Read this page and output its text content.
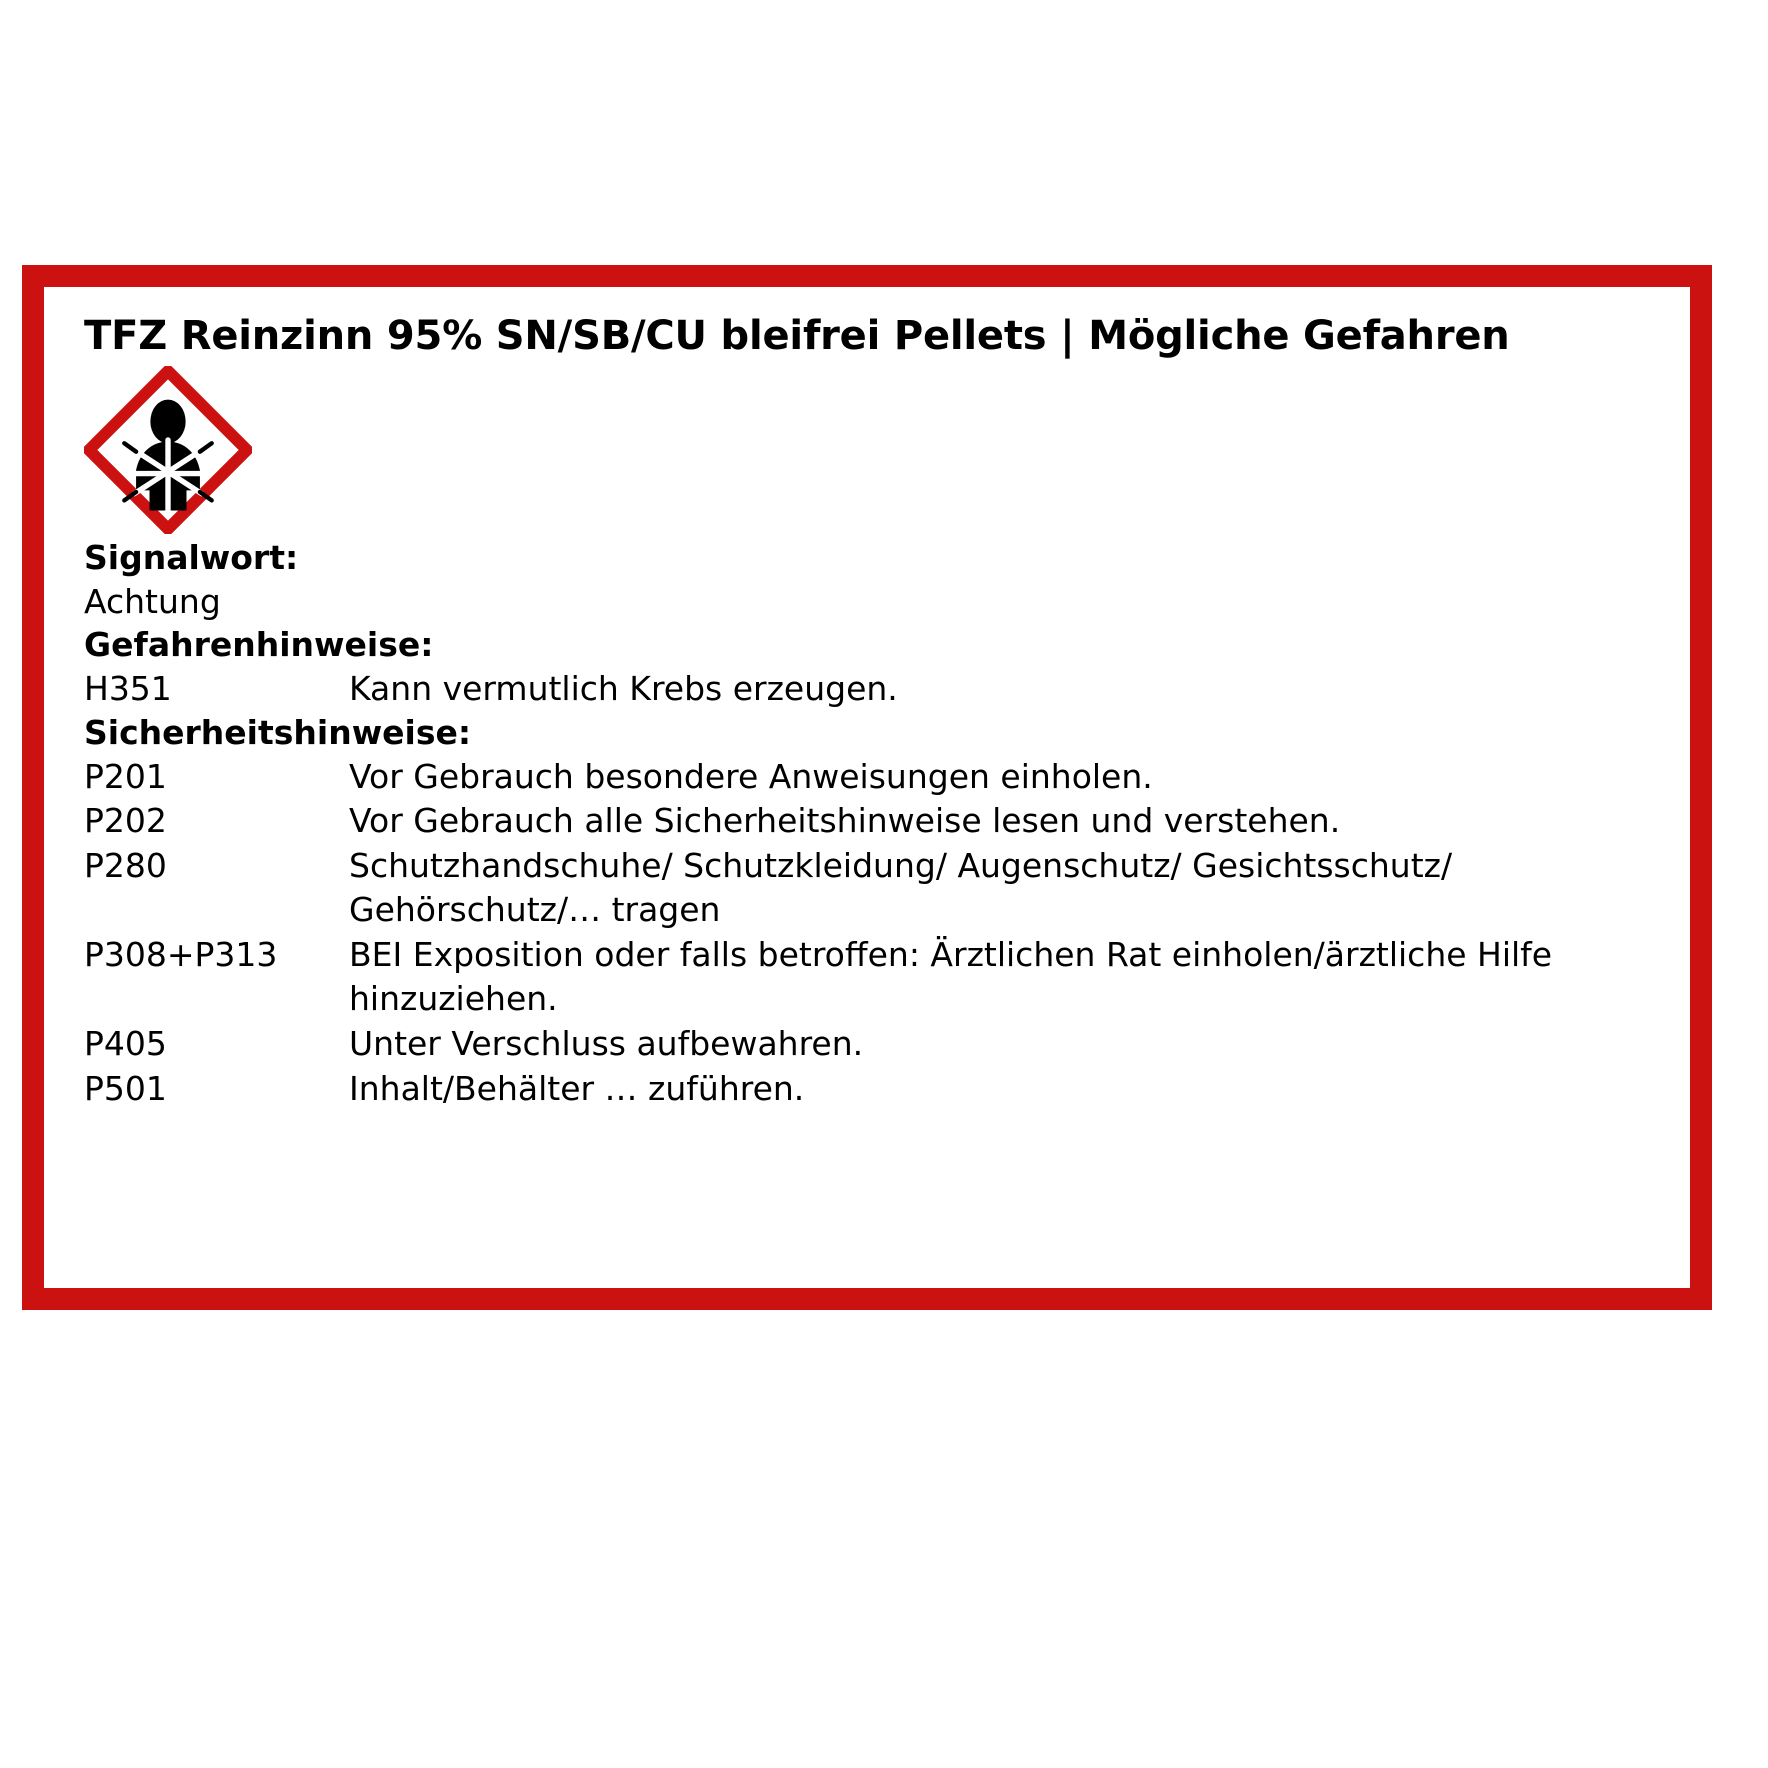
TFZ Reinzinn 95% SN/SB/CU bleifrei Pellets | Mögliche Gefahren
Signalwort:
Achtung
Gefahrenhinweise:
H351	Kann vermutlich Krebs erzeugen.
Sicherheitshinweise:
P201	Vor Gebrauch besondere Anweisungen einholen.
P202	Vor Gebrauch alle Sicherheitshinweise lesen und verstehen.
P280	Schutzhandschuhe/ Schutzkleidung/ Augenschutz/ Gesichtsschutz/ Gehörschutz/… tragen
P308+P313	BEI Exposition oder falls betroffen: Ärztlichen Rat einholen/ärztliche Hilfe hinzuziehen.
P405	Unter Verschluss aufbewahren.
P501	Inhalt/Behälter … zuführen.
